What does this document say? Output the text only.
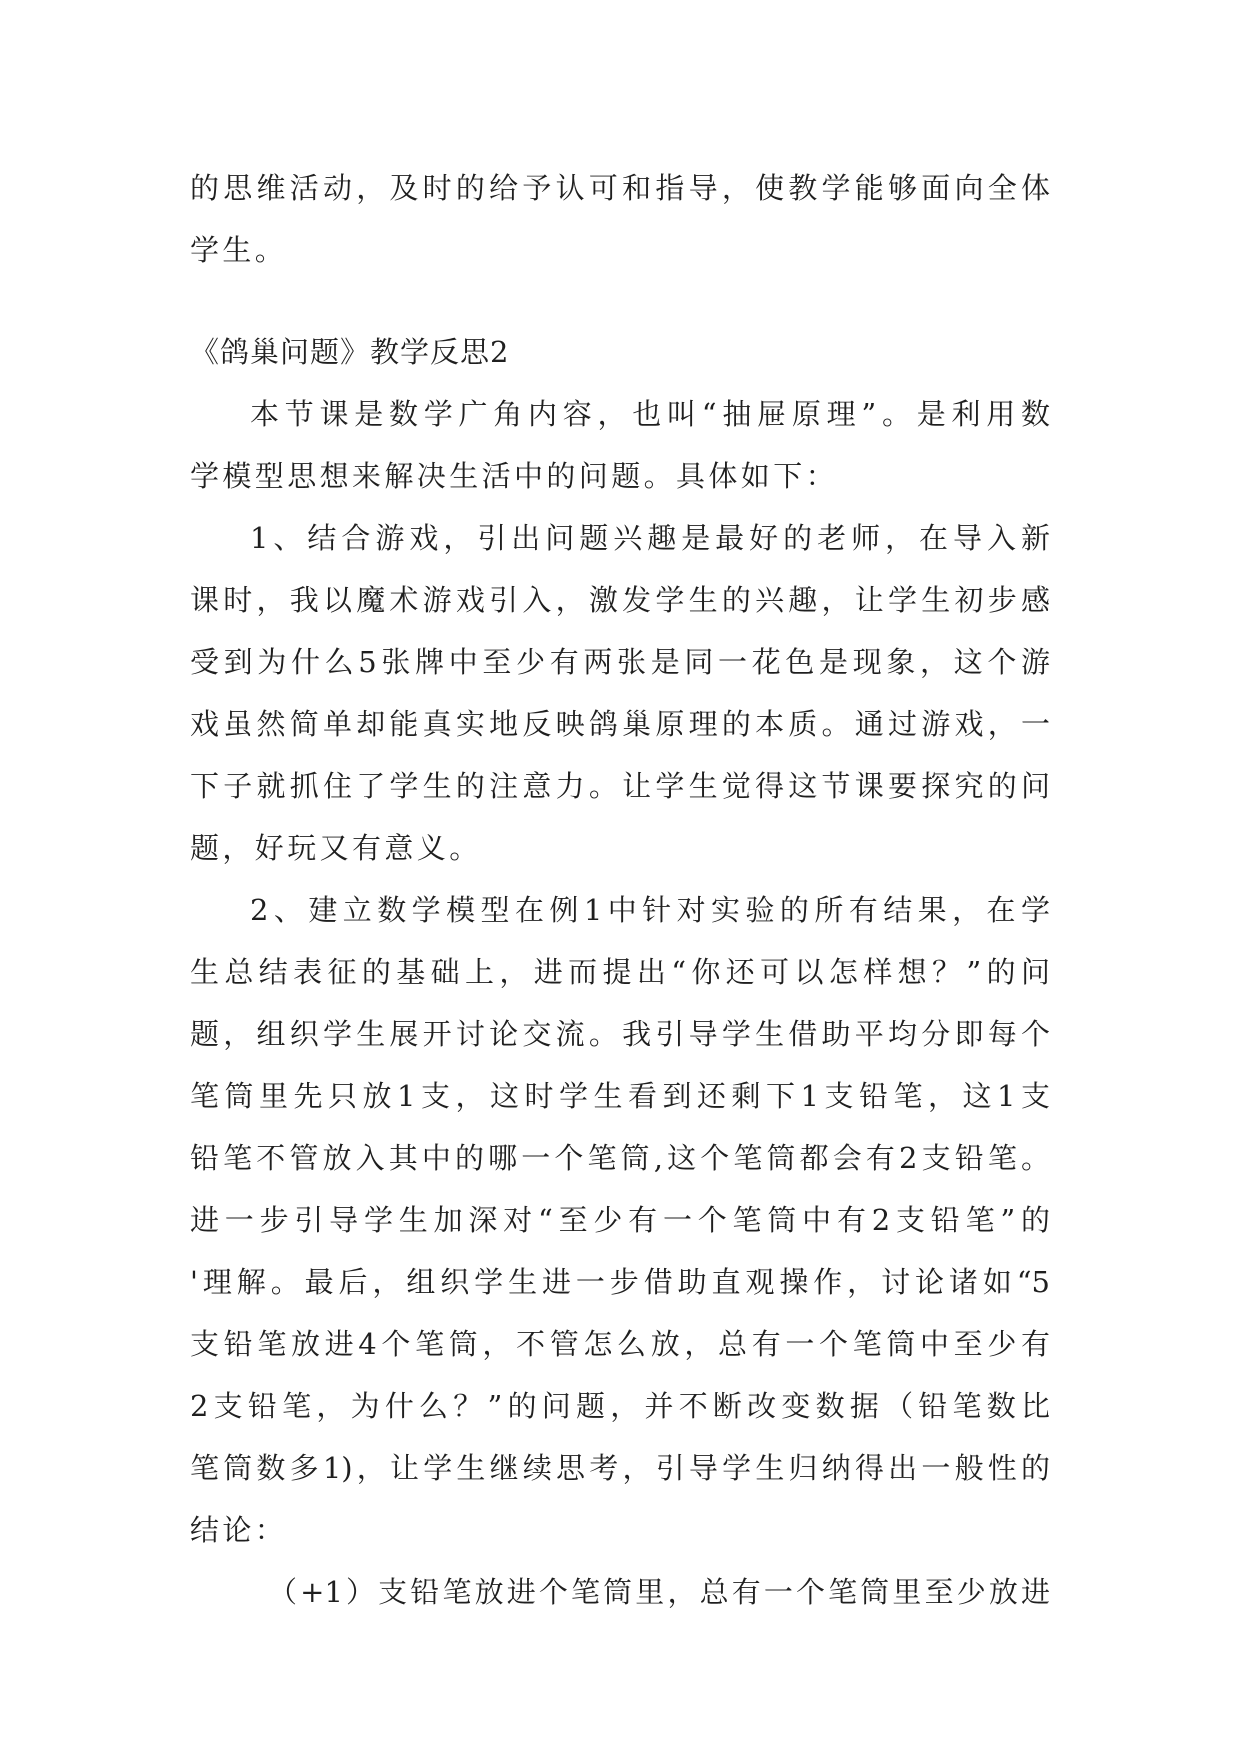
的思维活动，及时的给予认可和指导，使教学能够面向全体

学生。

《鸽巢问题》教学反思2

本节课是数学广角内容，也叫“抽屉原理”。是利用数

学模型思想来解决生活中的问题。具体如下：

1、结合游戏，引出问题兴趣是最好的老师，在导入新

课时，我以魔术游戏引入，激发学生的兴趣，让学生初步感

受到为什么5张牌中至少有两张是同一花色是现象，这个游

戏虽然简单却能真实地反映鸽巢原理的本质。通过游戏，一

下子就抓住了学生的注意力。让学生觉得这节课要探究的问

题，好玩又有意义。

2、建立数学模型在例1中针对实验的所有结果，在学

生总结表征的基础上，进而提出“你还可以怎样想？”的问

题，组织学生展开讨论交流。我引导学生借助平均分即每个

笔筒里先只放1支，这时学生看到还剩下1支铅笔，这1支

铅笔不管放入其中的哪一个笔筒,这个笔筒都会有2支铅笔。

进一步引导学生加深对“至少有一个笔筒中有2支铅笔”的

'理解。最后，组织学生进一步借助直观操作，讨论诸如“5

支铅笔放进4个笔筒，不管怎么放，总有一个笔筒中至少有

2支铅笔，为什么？”的问题，并不断改变数据（铅笔数比

笔筒数多1)，让学生继续思考，引导学生归纳得出一般性的

结论：

（+1）支铅笔放进个笔筒里，总有一个笔筒里至少放进
